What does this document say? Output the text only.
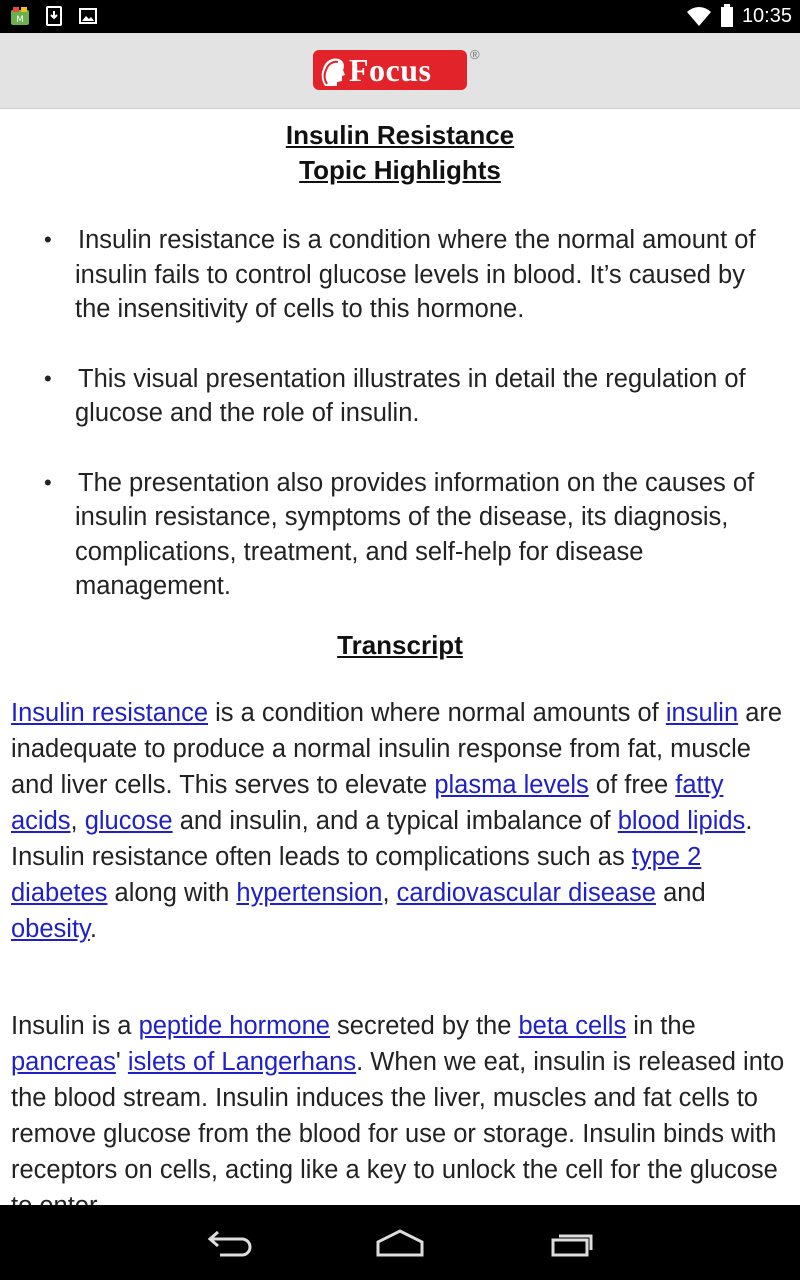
M	10:35
Focus	®
Insulin Resistance
Topic Highlights
• Insulin resistance is a condition where the normal amount of insulin fails to control glucose levels in blood. It’s caused by the insensitivity of cells to this hormone.
• This visual presentation illustrates in detail the regulation of glucose and the role of insulin.
• The presentation also provides information on the causes of insulin resistance, symptoms of the disease, its diagnosis, complications, treatment, and self-help for disease management.
Transcript

Insulin resistance is a condition where normal amounts of insulin are inadequate to produce a normal insulin response from fat, muscle and liver cells. This serves to elevate plasma levels of free fatty acids, glucose and insulin, and a typical imbalance of blood lipids. Insulin resistance often leads to complications such as type 2 diabetes along with hypertension, cardiovascular disease and obesity.

Insulin is a peptide hormone secreted by the beta cells in the pancreas' islets of Langerhans. When we eat, insulin is released into the blood stream. Insulin induces the liver, muscles and fat cells to remove glucose from the blood for use or storage. Insulin binds with receptors on cells, acting like a key to unlock the cell for the glucose
